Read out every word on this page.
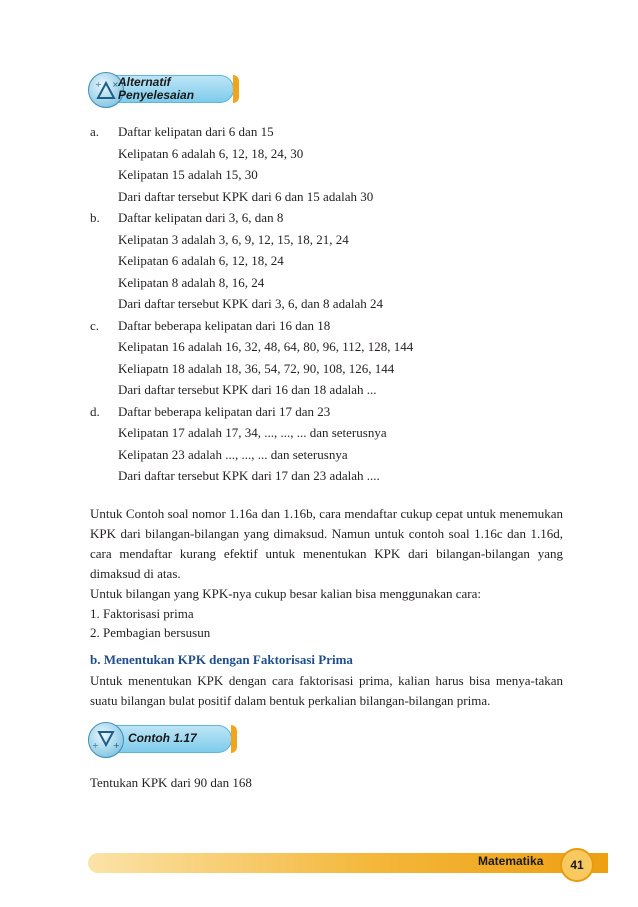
÷ × Alternatif
Penyelesaian
a. Daftar kelipatan dari 6 dan 15
Kelipatan 6 adalah 6, 12, 18, 24, 30
Kelipatan 15 adalah 15, 30
Dari daftar tersebut KPK dari 6 dan 15 adalah 30
b. Daftar kelipatan dari 3, 6, dan 8
Kelipatan 3 adalah 3, 6, 9, 12, 15, 18, 21, 24
Kelipatan 6 adalah 6, 12, 18, 24
Kelipatan 8 adalah 8, 16, 24
Dari daftar tersebut KPK dari 3, 6, dan 8 adalah 24
c. Daftar beberapa kelipatan dari 16 dan 18
Kelipatan 16 adalah 16, 32, 48, 64, 80, 96, 112, 128, 144
Keliapatn 18 adalah 18, 36, 54, 72, 90, 108, 126, 144
Dari daftar tersebut KPK dari 16 dan 18 adalah ...
d. Daftar beberapa kelipatan dari 17 dan 23
Kelipatan 17 adalah 17, 34, ..., ..., ... dan seterusnya
Kelipatan 23 adalah ..., ..., ... dan seterusnya
Dari daftar tersebut KPK dari 17 dan 23 adalah ....
Untuk Contoh soal nomor 1.16a dan 1.16b, cara mendaftar cukup cepat untuk menemukan KPK dari bilangan-bilangan yang dimaksud. Namun untuk contoh soal 1.16c dan 1.16d, cara mendaftar kurang efektif untuk menentukan KPK dari bilangan-bilangan yang dimaksud di atas.
Untuk bilangan yang KPK-nya cukup besar kalian bisa menggunakan cara:
1. Faktorisasi prima
2. Pembagian bersusun
b. Menentukan KPK dengan Faktorisasi Prima
Untuk menentukan KPK dengan cara faktorisasi prima, kalian harus bisa menya-takan suatu bilangan bulat positif dalam bentuk perkalian bilangan-bilangan prima.
÷ +
Contoh 1.17
Tentukan KPK dari 90 dan 168
Matematika	41
